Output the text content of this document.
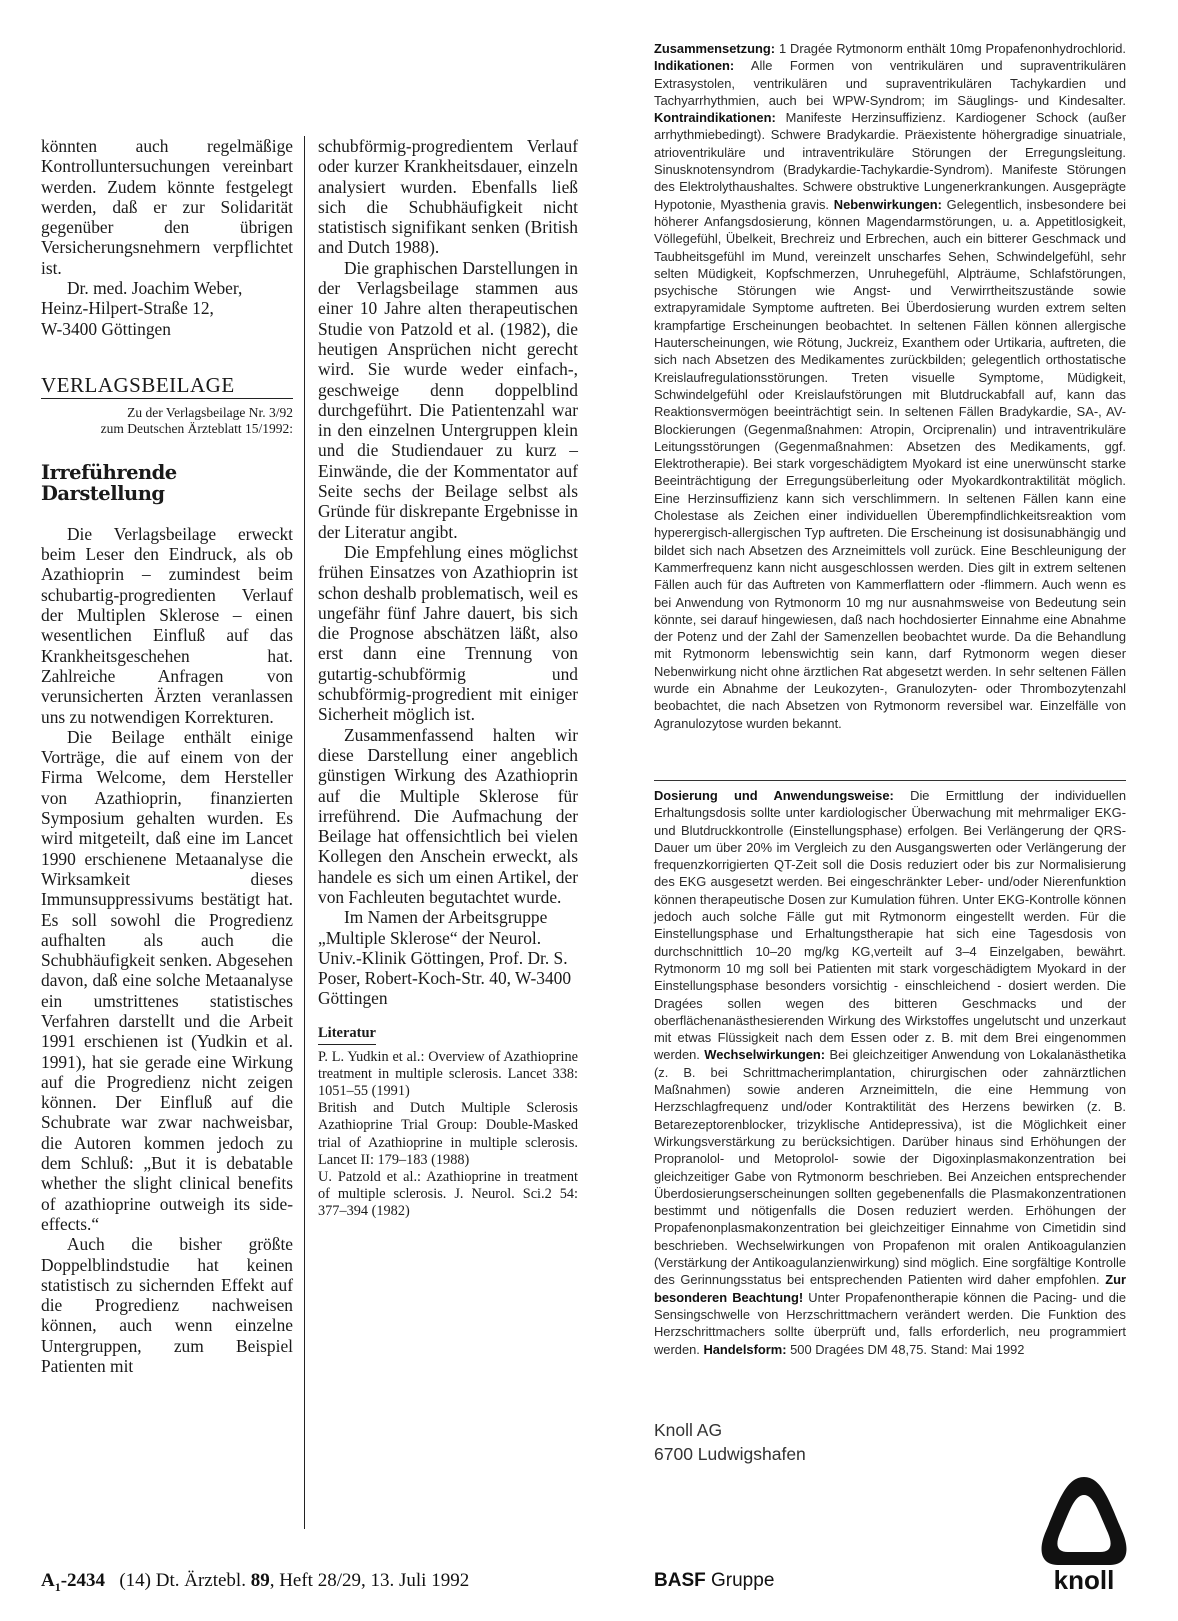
könnten auch regelmäßige Kontrolluntersuchungen vereinbart werden. Zudem könnte festgelegt werden, daß er zur Solidarität gegenüber den übrigen Versicherungsnehmern verpflichtet ist.

Dr. med. Joachim Weber,

Heinz-Hilpert-Straße 12,

W-3400 Göttingen

VERLAGSBEILAGE
Zu der Verlagsbeilage Nr. 3/92
zum Deutschen Ärzteblatt 15/1992:
Irreführende Darstellung

Die Verlagsbeilage erweckt beim Leser den Eindruck, als ob Azathioprin – zumindest beim schubartig-progredienten Verlauf der Multiplen Sklerose – einen wesentlichen Einfluß auf das Krankheitsgeschehen hat. Zahlreiche Anfragen von verunsicherten Ärzten veranlassen uns zu notwendigen Korrekturen.

Die Beilage enthält einige Vorträge, die auf einem von der Firma Welcome, dem Hersteller von Azathioprin, finanzierten Symposium gehalten wurden. Es wird mitgeteilt, daß eine im Lancet 1990 erschienene Metaanalyse die Wirksamkeit dieses Immunsuppressivums bestätigt hat. Es soll sowohl die Progredienz aufhalten als auch die Schubhäufigkeit senken. Abgesehen davon, daß eine solche Metaanalyse ein umstrittenes statistisches Verfahren darstellt und die Arbeit 1991 erschienen ist (Yudkin et al. 1991), hat sie gerade eine Wirkung auf die Progredienz nicht zeigen können. Der Einfluß auf die Schubrate war zwar nachweisbar, die Autoren kommen jedoch zu dem Schluß: „But it is debatable whether the slight clinical benefits of azathioprine outweigh its side-effects.“

Auch die bisher größte Doppelblindstudie hat keinen statistisch zu sichernden Effekt auf die Progredienz nachweisen können, auch wenn einzelne Untergruppen, zum Beispiel Patienten mit

schubförmig-progredientem Verlauf oder kurzer Krankheitsdauer, einzeln analysiert wurden. Ebenfalls ließ sich die Schubhäufigkeit nicht statistisch signifikant senken (British and Dutch 1988).

Die graphischen Darstellungen in der Verlagsbeilage stammen aus einer 10 Jahre alten therapeutischen Studie von Patzold et al. (1982), die heutigen Ansprüchen nicht gerecht wird. Sie wurde weder einfach-, geschweige denn doppelblind durchgeführt. Die Patientenzahl war in den einzelnen Untergruppen klein und die Studiendauer zu kurz – Einwände, die der Kommentator auf Seite sechs der Beilage selbst als Gründe für diskrepante Ergebnisse in der Literatur angibt.

Die Empfehlung eines möglichst frühen Einsatzes von Azathioprin ist schon deshalb problematisch, weil es ungefähr fünf Jahre dauert, bis sich die Prognose abschätzen läßt, also erst dann eine Trennung von gutartig-schubförmig und schubförmig-progredient mit einiger Sicherheit möglich ist.

Zusammenfassend halten wir diese Darstellung einer angeblich günstigen Wirkung des Azathioprin auf die Multiple Sklerose für irreführend. Die Aufmachung der Beilage hat offensichtlich bei vielen Kollegen den Anschein erweckt, als handele es sich um einen Artikel, der von Fachleuten begutachtet wurde.

Im Namen der Arbeitsgruppe „Multiple Sklerose“ der Neurol. Univ.-Klinik Göttingen, Prof. Dr. S. Poser, Robert-Koch-Str. 40, W-3400 Göttingen

Literatur

P. L. Yudkin et al.: Overview of Azathioprine treatment in multiple sclerosis. Lancet 338: 1051–55 (1991)

British and Dutch Multiple Sclerosis Azathioprine Trial Group: Double-Masked trial of Azathioprine in multiple sclerosis. Lancet II: 179–183 (1988)

U. Patzold et al.: Azathioprine in treatment of multiple sclerosis. J. Neurol. Sci.2 54: 377–394 (1982)

Zusammensetzung: 1 Dragée Rytmonorm enthält 10mg Propafenonhydrochlorid. Indikationen: Alle Formen von ventrikulären und supraventrikulären Extrasystolen, ventrikulären und supraventrikulären Tachykardien und Tachyarrhythmien, auch bei WPW-Syndrom; im Säuglings- und Kindesalter. Kontraindikationen: Manifeste Herzinsuffizienz. Kardiogener Schock (außer arrhythmiebedingt). Schwere Bradykardie. Präexistente höhergradige sinuatriale, atrioventrikuläre und intraventrikuläre Störungen der Erregungsleitung. Sinusknotensyndrom (Bradykardie-Tachykardie-Syndrom). Manifeste Störungen des Elektrolythaushaltes. Schwere obstruktive Lungenerkrankungen. Ausgeprägte Hypotonie, Myasthenia gravis. Nebenwirkungen: Gelegentlich, insbesondere bei höherer Anfangsdosierung, können Magendarmstörungen, u. a. Appetitlosigkeit, Völlegefühl, Übelkeit, Brechreiz und Erbrechen, auch ein bitterer Geschmack und Taubheitsgefühl im Mund, vereinzelt unscharfes Sehen, Schwindelgefühl, sehr selten Müdigkeit, Kopfschmerzen, Unruhegefühl, Alpträume, Schlafstörungen, psychische Störungen wie Angst- und Verwirrtheitszustände sowie extrapyramidale Symptome auftreten. Bei Überdosierung wurden extrem selten krampfartige Erscheinungen beobachtet. In seltenen Fällen können allergische Hauterscheinungen, wie Rötung, Juckreiz, Exanthem oder Urtikaria, auftreten, die sich nach Absetzen des Medikamentes zurückbilden; gelegentlich orthostatische Kreislaufregulationsstörungen. Treten visuelle Symptome, Müdigkeit, Schwindelgefühl oder Kreislaufstörungen mit Blutdruckabfall auf, kann das Reaktionsvermögen beeinträchtigt sein. In seltenen Fällen Bradykardie, SA-, AV-Blockierungen (Gegenmaßnahmen: Atropin, Orciprenalin) und intraventrikuläre Leitungsstörungen (Gegenmaßnahmen: Absetzen des Medikaments, ggf. Elektrotherapie). Bei stark vorgeschädigtem Myokard ist eine unerwünscht starke Beeinträchtigung der Erregungsüberleitung oder Myokardkontraktilität möglich. Eine Herzinsuffizienz kann sich verschlimmern. In seltenen Fällen kann eine Cholestase als Zeichen einer individuellen Überempfindlichkeitsreaktion vom hyperergisch-allergischen Typ auftreten. Die Erscheinung ist dosisunabhängig und bildet sich nach Absetzen des Arzneimittels voll zurück. Eine Beschleunigung der Kammerfrequenz kann nicht ausgeschlossen werden. Dies gilt in extrem seltenen Fällen auch für das Auftreten von Kammerflattern oder -flimmern. Auch wenn es bei Anwendung von Rytmonorm 10 mg nur ausnahmsweise von Bedeutung sein könnte, sei darauf hingewiesen, daß nach hochdosierter Einnahme eine Abnahme der Potenz und der Zahl der Samenzellen beobachtet wurde. Da die Behandlung mit Rytmonorm lebenswichtig sein kann, darf Rytmonorm wegen dieser Nebenwirkung nicht ohne ärztlichen Rat abgesetzt werden. In sehr seltenen Fällen wurde ein Abnahme der Leukozyten-, Granulozyten- oder Thrombozytenzahl beobachtet, die nach Absetzen von Rytmonorm reversibel war. Einzelfälle von Agranulozytose wurden bekannt.
Dosierung und Anwendungsweise: Die Ermittlung der individuellen Erhaltungsdosis sollte unter kardiologischer Überwachung mit mehrmaliger EKG- und Blutdruckkontrolle (Einstellungsphase) erfolgen. Bei Verlängerung der QRS-Dauer um über 20% im Vergleich zu den Ausgangswerten oder Verlängerung der frequenzkorrigierten QT-Zeit soll die Dosis reduziert oder bis zur Normalisierung des EKG ausgesetzt werden. Bei eingeschränkter Leber- und/oder Nierenfunktion können therapeutische Dosen zur Kumulation führen. Unter EKG-Kontrolle können jedoch auch solche Fälle gut mit Rytmonorm eingestellt werden. Für die Einstellungsphase und Erhaltungstherapie hat sich eine Tagesdosis von durchschnittlich 10–20 mg/kg KG,verteilt auf 3–4 Einzelgaben, bewährt. Rytmonorm 10 mg soll bei Patienten mit stark vorgeschädigtem Myokard in der Einstellungsphase besonders vorsichtig - einschleichend - dosiert werden. Die Dragées sollen wegen des bitteren Geschmacks und der oberflächenanästhesierenden Wirkung des Wirkstoffes ungelutscht und unzerkaut mit etwas Flüssigkeit nach dem Essen oder z. B. mit dem Brei eingenommen werden. Wechselwirkungen: Bei gleichzeitiger Anwendung von Lokalanästhetika (z. B. bei Schrittmacherimplantation, chirurgischen oder zahnärztlichen Maßnahmen) sowie anderen Arzneimitteln, die eine Hemmung von Herzschlagfrequenz und/oder Kontraktilität des Herzens bewirken (z. B. Betarezeptorenblocker, trizyklische Antidepressiva), ist die Möglichkeit einer Wirkungsverstärkung zu berücksichtigen. Darüber hinaus sind Erhöhungen der Propranolol- und Metoprolol- sowie der Digoxinplasmakonzentration bei gleichzeitiger Gabe von Rytmonorm beschrieben. Bei Anzeichen entsprechender Überdosierungserscheinungen sollten gegebenenfalls die Plasmakonzentrationen bestimmt und nötigenfalls die Dosen reduziert werden. Erhöhungen der Propafenonplasmakonzentration bei gleichzeitiger Einnahme von Cimetidin sind beschrieben. Wechselwirkungen von Propafenon mit oralen Antikoagulanzien (Verstärkung der Antikoagulanzienwirkung) sind möglich. Eine sorgfältige Kontrolle des Gerinnungsstatus bei entsprechenden Patienten wird daher empfohlen. Zur besonderen Beachtung! Unter Propafenontherapie können die Pacing- und die Sensingschwelle von Herzschrittmachern verändert werden. Die Funktion des Herzschrittmachers sollte überprüft und, falls erforderlich, neu programmiert werden. Handelsform: 500 Dragées DM 48,75. Stand: Mai 1992
Knoll AG
6700 Ludwigshafen
knoll
$A_1-2434$ (14) Dt. Ärztebl. 89, Heft 28/29, 13. Juli 1992	BASF Gruppe
